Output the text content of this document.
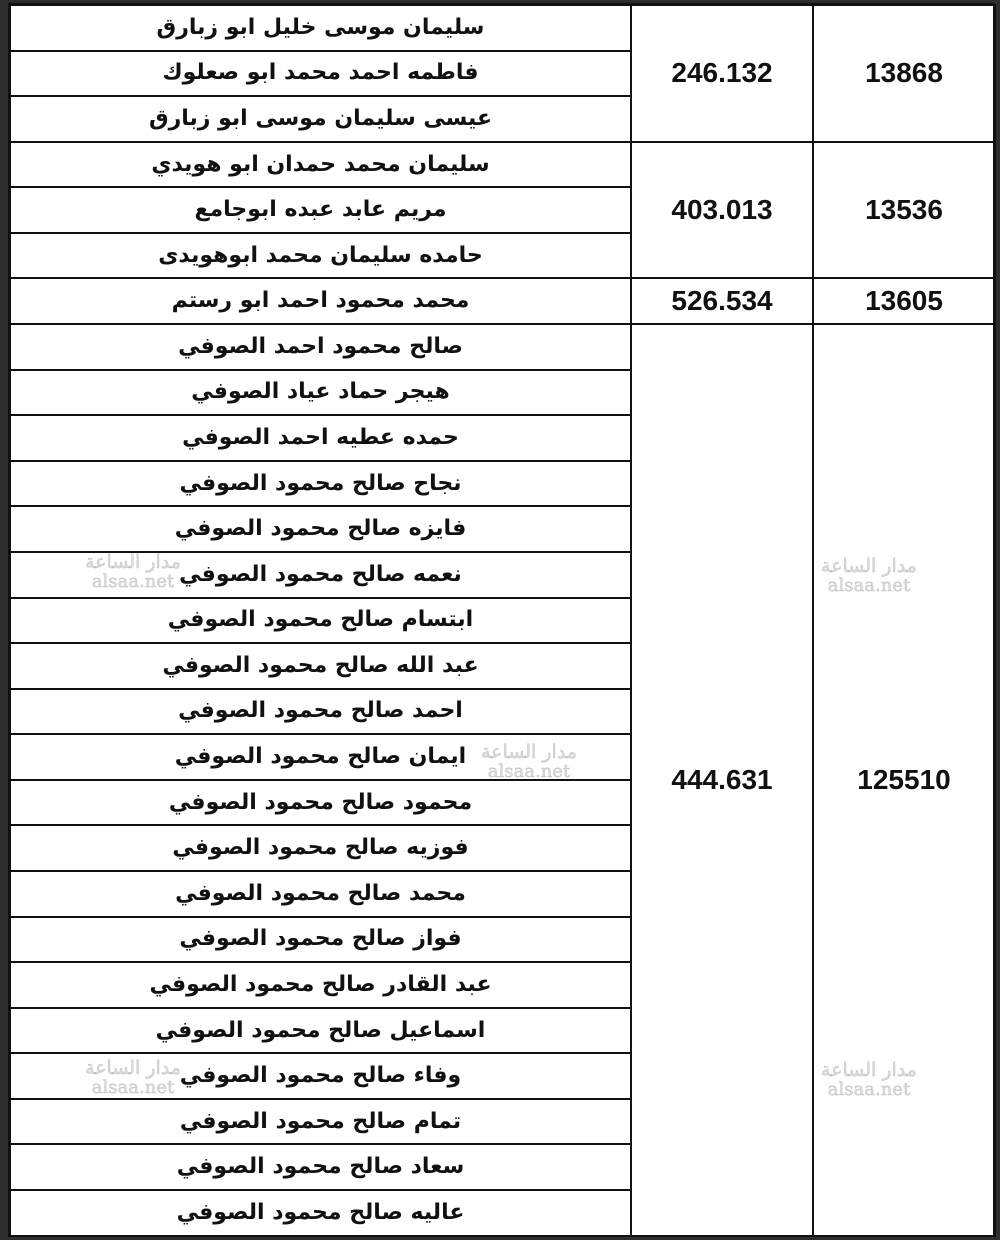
سليمان موسى خليل ابو زبارق	246.132	13868
فاطمه احمد محمد ابو صعلوك		
عيسى سليمان موسى ابو زبارق		
سليمان محمد حمدان ابو هويدي	403.013	13536
مريم عابد عبده ابوجامع		
حامده سليمان محمد ابوهويدى		
محمد محمود احمد ابو رستم	526.534	13605
صالح محمود احمد الصوفي	444.631	125510
هيجر حماد عياد الصوفي		
حمده عطيه احمد الصوفي		
نجاح صالح محمود الصوفي		
فايزه صالح محمود الصوفي		
نعمه صالح محمود الصوفي		
ابتسام صالح محمود الصوفي		
عبد الله صالح محمود الصوفي		
احمد صالح محمود الصوفي		
ايمان صالح محمود الصوفي		
محمود صالح محمود الصوفي		
فوزيه صالح محمود الصوفي		
محمد صالح محمود الصوفي		
فواز صالح محمود الصوفي		
عبد القادر صالح محمود الصوفي		
اسماعيل صالح محمود الصوفي		
وفاء صالح محمود الصوفي		
تمام صالح محمود الصوفي		
سعاد صالح محمود الصوفي		
عاليه صالح محمود الصوفي		
مدار الساعة
alsaa.net
مدار الساعة
alsaa.net
مدار الساعة
alsaa.net
مدار الساعة
alsaa.net
مدار الساعة
alsaa.net
